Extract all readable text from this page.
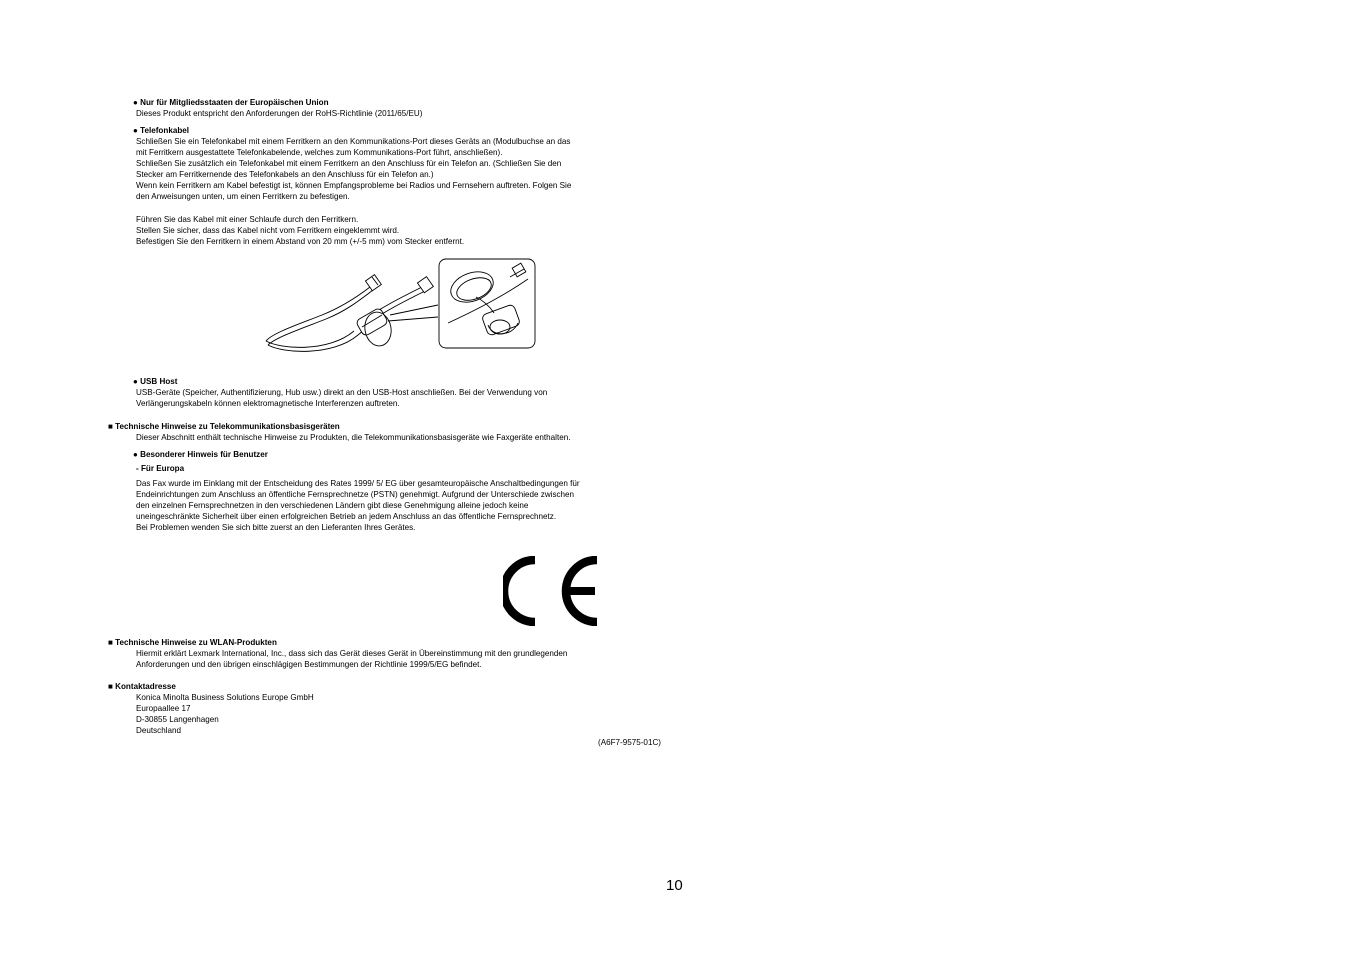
● Nur für Mitgliedsstaaten der Europäischen Union
Dieses Produkt entspricht den Anforderungen der RoHS-Richtlinie (2011/65/EU)
● Telefonkabel
Schließen Sie ein Telefonkabel mit einem Ferritkern an den Kommunikations-Port dieses Geräts an (Modulbuchse an das
mit Ferritkern ausgestattete Telefonkabelende, welches zum Kommunikations-Port führt, anschließen).
Schließen Sie zusätzlich ein Telefonkabel mit einem Ferritkern an den Anschluss für ein Telefon an. (Schließen Sie den
Stecker am Ferritkernende des Telefonkabels an den Anschluss für ein Telefon an.)
Wenn kein Ferritkern am Kabel befestigt ist, können Empfangsprobleme bei Radios und Fernsehern auftreten. Folgen Sie
den Anweisungen unten, um einen Ferritkern zu befestigen.
Führen Sie das Kabel mit einer Schlaufe durch den Ferritkern.
Stellen Sie sicher, dass das Kabel nicht vom Ferritkern eingeklemmt wird.
Befestigen Sie den Ferritkern in einem Abstand von 20 mm (+/-5 mm) vom Stecker entfernt.
● USB Host
USB-Geräte (Speicher, Authentifizierung, Hub usw.) direkt an den USB-Host anschließen. Bei der Verwendung von
Verlängerungskabeln können elektromagnetische Interferenzen auftreten.
■ Technische Hinweise zu Telekommunikationsbasisgeräten
Dieser Abschnitt enthält technische Hinweise zu Produkten, die Telekommunikationsbasisgeräte wie Faxgeräte enthalten.
● Besonderer Hinweis für Benutzer
- Für Europa
Das Fax wurde im Einklang mit der Entscheidung des Rates 1999/ 5/ EG über gesamteuropäische Anschaltbedingungen für
Endeinrichtungen zum Anschluss an öffentliche Fernsprechnetze (PSTN) genehmigt. Aufgrund der Unterschiede zwischen
den einzelnen Fernsprechnetzen in den verschiedenen Ländern gibt diese Genehmigung alleine jedoch keine
uneingeschränkte Sicherheit über einen erfolgreichen Betrieb an jedem Anschluss an das öffentliche Fernsprechnetz.
Bei Problemen wenden Sie sich bitte zuerst an den Lieferanten Ihres Gerätes.
■ Technische Hinweise zu WLAN-Produkten
Hiermit erklärt Lexmark International, Inc., dass sich das Gerät dieses Gerät in Übereinstimmung mit den grundlegenden
Anforderungen und den übrigen einschlägigen Bestimmungen der Richtlinie 1999/5/EG befindet.
■ Kontaktadresse
Konica Minolta Business Solutions Europe GmbH
Europaallee 17
D-30855 Langenhagen
Deutschland
(A6F7-9575-01C)
10
